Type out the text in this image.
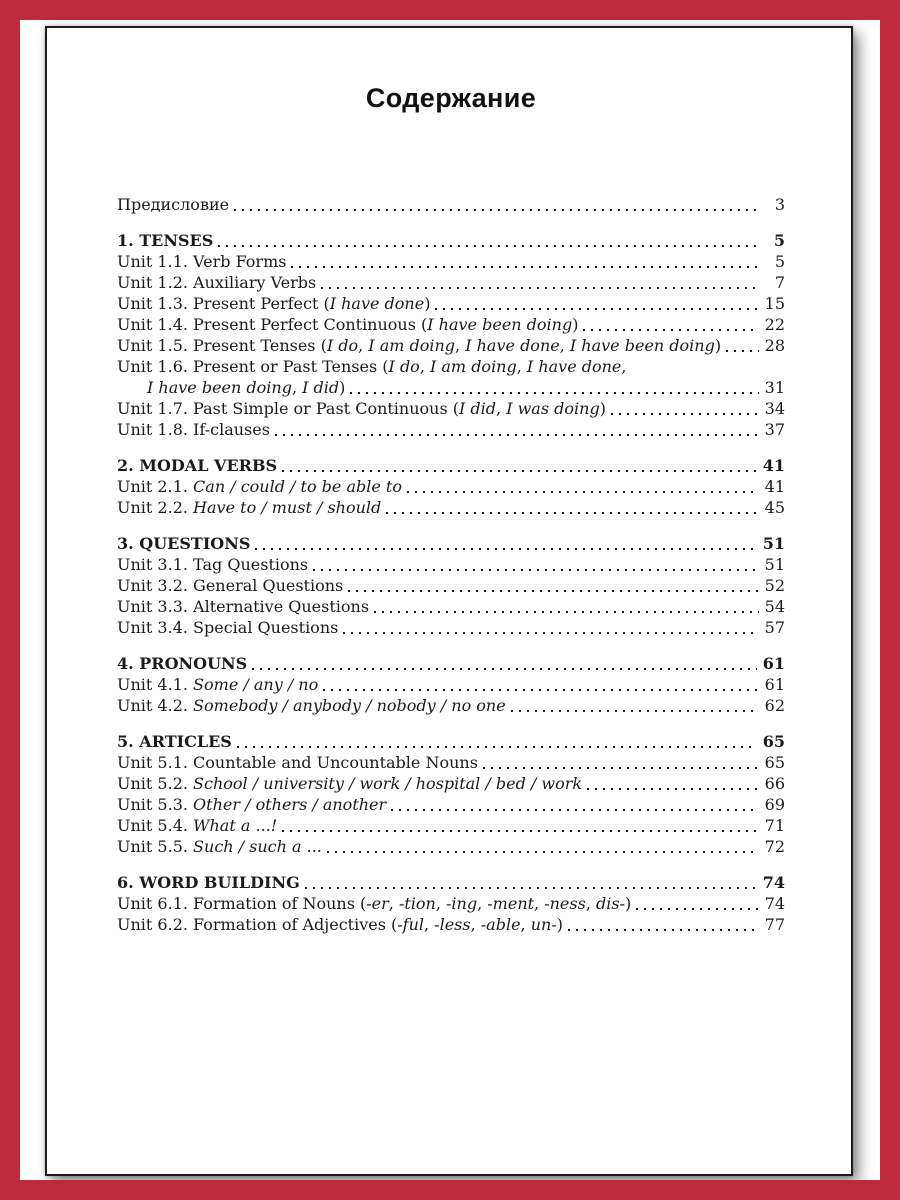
Содержание
Предисловие	3
1. TENSES	5
Unit 1.1. Verb Forms	5
Unit 1.2. Auxiliary Verbs	7
Unit 1.3. Present Perfect (I have done)	15
Unit 1.4. Present Perfect Continuous (I have been doing)	22
Unit 1.5. Present Tenses (I do, I am doing, I have done, I have been doing)	28
Unit 1.6. Present or Past Tenses (I do, I am doing, I have done,
I have been doing, I did)	31
Unit 1.7. Past Simple or Past Continuous (I did, I was doing)	34
Unit 1.8. If-clauses	37
2. MODAL VERBS	41
Unit 2.1. Can / could / to be able to	41
Unit 2.2. Have to / must / should	45
3. QUESTIONS	51
Unit 3.1. Tag Questions	51
Unit 3.2. General Questions	52
Unit 3.3. Alternative Questions	54
Unit 3.4. Special Questions	57
4. PRONOUNS	61
Unit 4.1. Some / any / no	61
Unit 4.2. Somebody / anybody / nobody / no one	62
5. ARTICLES	65
Unit 5.1. Countable and Uncountable Nouns	65
Unit 5.2. School / university / work / hospital / bed / work	66
Unit 5.3. Other / others / another	69
Unit 5.4. What a ...!	71
Unit 5.5. Such / such a ...	72
6. WORD BUILDING	74
Unit 6.1. Formation of Nouns (-er, -tion, -ing, -ment, -ness, dis-)	74
Unit 6.2. Formation of Adjectives (-ful, -less, -able, un-)	77
